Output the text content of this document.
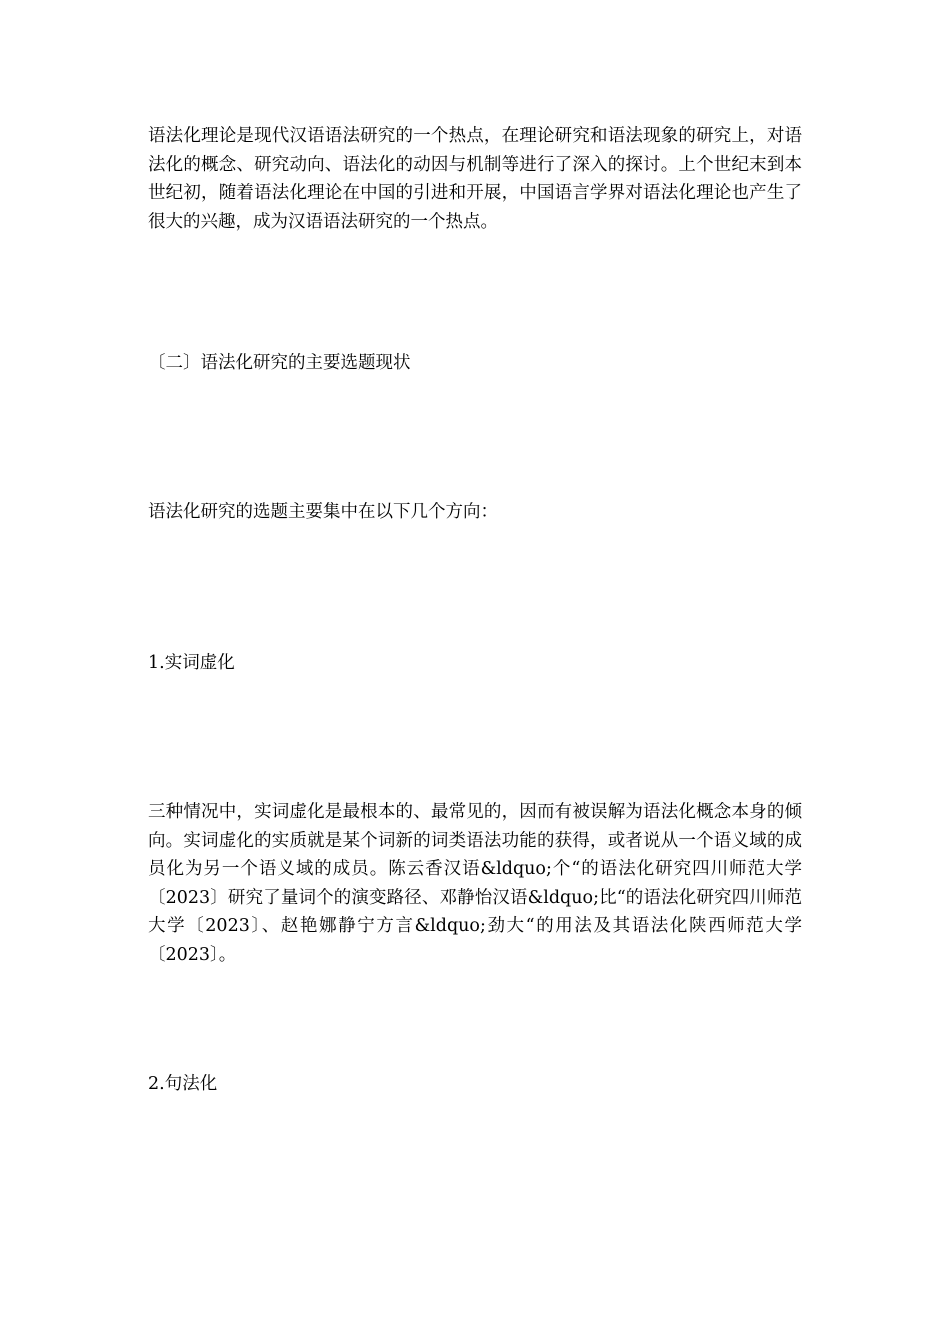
语法化理论是现代汉语语法研究的一个热点，在理论研究和语法现象的研究上，对语法化的概念、研究动向、语法化的动因与机制等进行了深入的探讨。上个世纪末到本世纪初，随着语法化理论在中国的引进和开展，中国语言学界对语法化理论也产生了很大的兴趣，成为汉语语法研究的一个热点。

〔二〕语法化研究的主要选题现状

语法化研究的选题主要集中在以下几个方向：

1.实词虚化

三种情况中，实词虚化是最根本的、最常见的，因而有被误解为语法化概念本身的倾向。实词虚化的实质就是某个词新的词类语法功能的获得，或者说从一个语义域的成员化为另一个语义域的成员。陈云香汉语&ldquo;个“的语法化研究四川师范大学〔2023〕研究了量词个的演变路径、邓静怡汉语&ldquo;比“的语法化研究四川师范大学〔2023〕、赵艳娜静宁方言&ldquo;劲大“的用法及其语法化陕西师范大学〔2023〕。

2.句法化
